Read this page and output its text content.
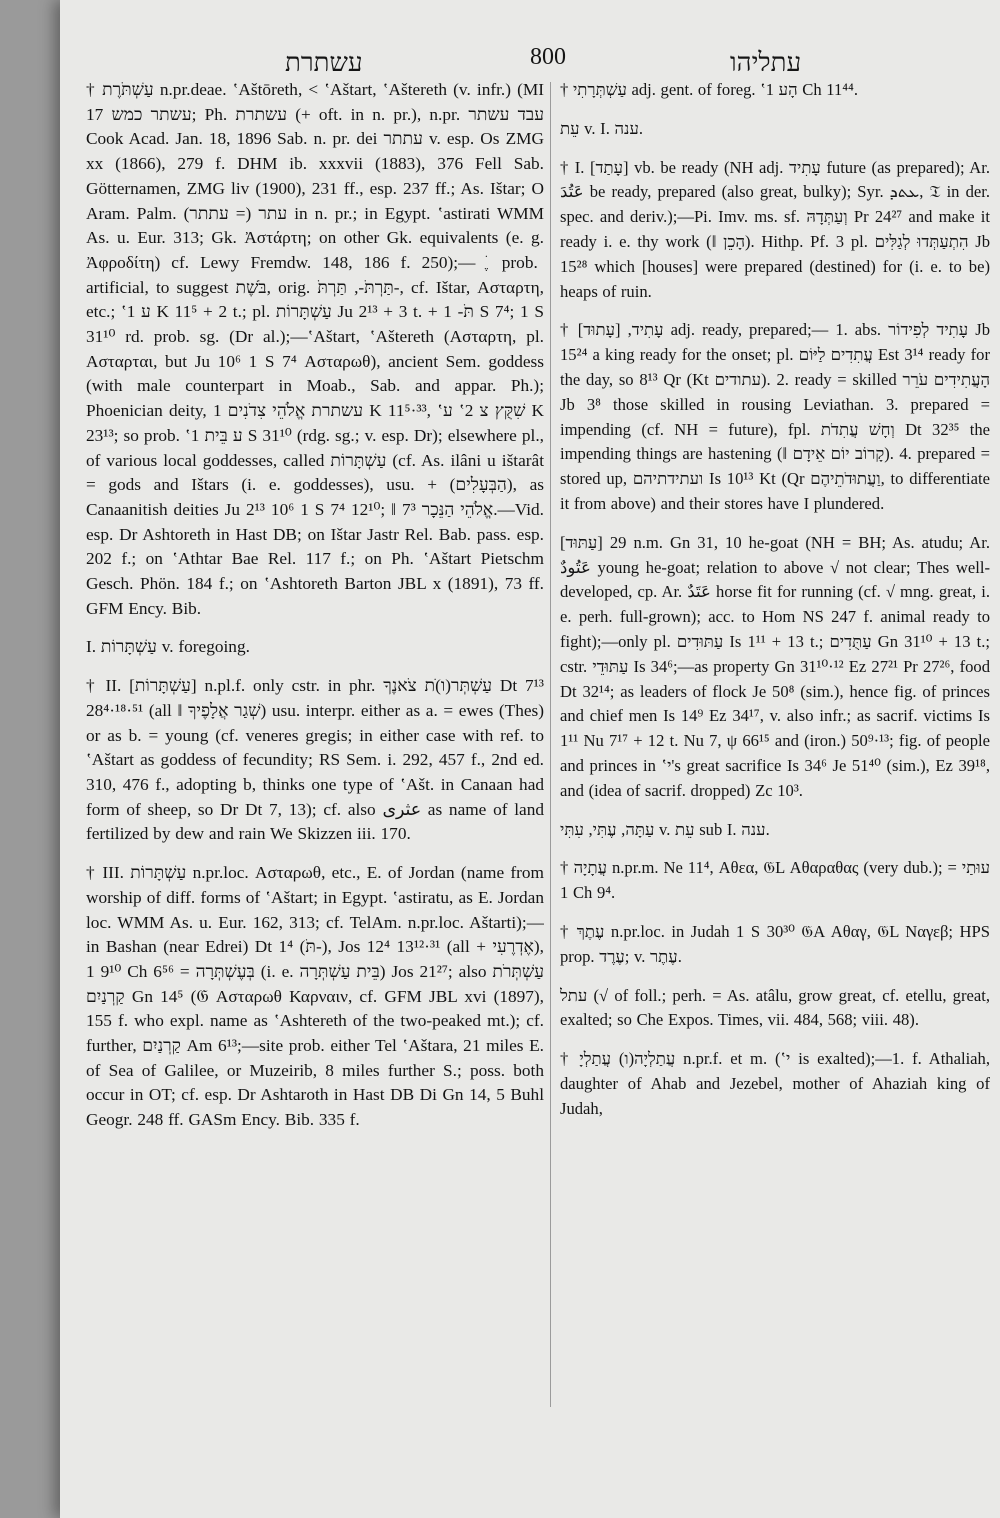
עשתרת	800	עתליהו

† עַשְׁתֹּרֶת n.pr.deae. ʽAštōreth, < ʽAštart, ʽAštereth (v. infr.) (MI 17 עשתר כמש; Ph. עשתרת (+ oft. in n. pr.), n.pr. עבד עשתר Cook Acad. Jan. 18, 1896 Sab. n. pr. dei עתתר v. esp. Os ZMG xx (1866), 279 f. DHM ib. xxxvii (1883), 376 Fell Sab. Götternamen, ZMG liv (1900), 231 ff., esp. 237 ff.; As. Ištar; O Aram. Palm. עתר (= עתתר) in n. pr.; in Egypt. ʽastirati WMM As. u. Eur. 313; Gk. Ἀστάρτη; on other Gk. equivalents (e. g. Ἀφροδίτη) cf. Lewy Fremdw. 148, 186 f. 250);— ֹ ֶ prob. artificial, to suggest בֹּשֶׁת, orig. תַּרְתֹּ-, תַּרְתֹּ-, cf. Ištar, Ασταρτη, etc.; ʽע 1 K 11⁵ + 2 t.; pl. עַשְׁתָּרוֹת Ju 2¹³ + 3 t. + תֹּ- 1 S 7⁴; 1 S 31¹⁰ rd. prob. sg. (Dr al.);—ʽAštart, ʽAštereth (Ασταρτη, pl. Ασταρται, but Ju 10⁶ 1 S 7⁴ Ασταρωθ), ancient Sem. goddess (with male counterpart in Moab., Sab. and appar. Ph.); Phoenician deity, עשתרת אֱלֹהֵי צִדֹנִים 1 K 11⁵·³³, ʽע ʽשִׁקֻּץ צ 2 K 23¹³; so prob. ʽע בֵּית 1 S 31¹⁰ (rdg. sg.; v. esp. Dr); elsewhere pl., of various local goddesses, called עַשְׁתָּרוֹת (cf. As. ilâni u ištarât = gods and Ištars (i. e. goddesses), usu. + (הַבְּעָלִים), as Canaanitish deities Ju 2¹³ 10⁶ 1 S 7⁴ 12¹⁰; ‖ אֱלֹהֵי הַנֵּכָר 7³.—Vid. esp. Dr Ashtoreth in Hast DB; on Ištar Jastr Rel. Bab. pass. esp. 202 f.; on ʽAthtar Bae Rel. 117 f.; on Ph. ʽAštart Pietschm Gesch. Phön. 184 f.; on ʽAshtoreth Barton JBL x (1891), 73 ff. GFM Ency. Bib.

I. עַשְׁתָּרוֹת v. foregoing.

† II. [עַשְׁתָּרוֹת] n.pl.f. only cstr. in phr. עַשְׁתְּר(ו)ֹת צֹאנֶךָ Dt 7¹³ 28⁴·¹⁸·⁵¹ (all ‖ שְׁגַר אֲלָפֶיךָ) usu. interpr. either as a. = ewes (Thes) or as b. = young (cf. veneres gregis; in either case with ref. to ʽAštart as goddess of fecundity; RS Sem. i. 292, 457 f., 2nd ed. 310, 476 f., adopting b, thinks one type of ʽAšt. in Canaan had form of sheep, so Dr Dt 7, 13); cf. also عثرى as name of land fertilized by dew and rain We Skizzen iii. 170.

† III. עַשְׁתָּרוֹת n.pr.loc. Ασταρωθ, etc., E. of Jordan (name from worship of diff. forms of ʽAštart; in Egypt. ʽastiratu, as E. Jordan loc. WMM As. u. Eur. 162, 313; cf. TelAm. n.pr.loc. Aštarti);—in Bashan (near Edrei) Dt 1⁴ (תֹּ-), Jos 12⁴ 13¹²·³¹ (all + אֶדְרֶעִי), 9¹⁰ 1 Ch 6⁵⁶ = בְּעֶשְׁתְּרָה (i. e. בֵּית עַשְׁתְּרָה) Jos 21²⁷; also עַשְׁתְּרֹת קַרְנַיִם Gn 14⁵ (𝔊 Ασταρωθ Καρναιν, cf. GFM JBL xvi (1897), 155 f. who expl. name as ʽAshtereth of the two-peaked mt.); cf. further, קַרְנַיִם Am 6¹³;—site prob. either Tel ʽAštara, 21 miles E. of Sea of Galilee, or Muzeirib, 8 miles further S.; poss. both occur in OT; cf. esp. Dr Ashtaroth in Hast DB Di Gn 14, 5 Buhl Geogr. 248 ff. GASm Ency. Bib. 335 f.

† עַשְׁתְּרָתִי adj. gent. of foreg. ʽהָע 1 Ch 11⁴⁴.

עֵת v. I. ענה.

† I. [עָתַד] vb. be ready (NH adj. עָתִיד future (as prepared); Ar. عَتُدَ be ready, prepared (also great, bulky); Syr. ܥܬܕ, 𝔗 in der. spec. and deriv.);—Pi. Imv. ms. sf. וְעַתְּדָהּ Pr 24²⁷ and make it ready i. e. thy work (‖ הָכֵן). Hithp. Pf. 3 pl. הִתְעַתְּדוּ לְגַלִּים Jb 15²⁸ which [houses] were prepared (destined) for (i. e. to be) heaps of ruin.

† עָתִיד, [עָתוּד] adj. ready, prepared;— 1. abs. עָתִיד לְפִידוֹר Jb 15²⁴ a king ready for the onset; pl. עֲתִדִים לַיּוֹם Est 3¹⁴ ready for the day, so 8¹³ Qr (Kt עתודים). 2. ready = skilled הָעֲתִידִים עֹרֵר Jb 3⁸ those skilled in rousing Leviathan. 3. prepared = impending (cf. NH = future), fpl. וְחָשׁ עֲתִדֹת Dt 32³⁵ the impending things are hastening (‖ קָרוֹב יוֹם אֵידָם). 4. prepared = stored up, ועתידתיהם Is 10¹³ Kt (Qr וַעֲתוּדֹתֵיהֶם, to differentiate it from above) and their stores have I plundered.

[עַתּוּד] 29 n.m. Gn 31, 10 he-goat (NH = BH; As. atudu; Ar. عَتُودٌ young he-goat; relation to above √ not clear; Thes well-developed, cp. Ar. عَتَدٌ horse fit for running (cf. √ mng. great, i. e. perh. full-grown); acc. to Hom NS 247 f. animal ready to fight);—only pl. עַתּוּדִים Is 1¹¹ + 13 t.; עַתֻּדִים Gn 31¹⁰ + 13 t.; cstr. עַתּוּדֵי Is 34⁶;—as property Gn 31¹⁰·¹² Ez 27²¹ Pr 27²⁶, food Dt 32¹⁴; as leaders of flock Je 50⁸ (sim.), hence fig. of princes and chief men Is 14⁹ Ez 34¹⁷, v. also infr.; as sacrif. victims Is 1¹¹ Nu 7¹⁷ + 12 t. Nu 7, ψ 66¹⁵ and (iron.) 50⁹·¹³; fig. of people and princes in ʽי's great sacrifice Is 34⁶ Je 51⁴⁰ (sim.), Ez 39¹⁸, and (idea of sacrif. dropped) Zc 10³.

עַתָּה, עֶתִּי, עִתִּי v. עֵת sub I. ענה.

† עֲתָיָה n.pr.m. Ne 11⁴, Αθεα, 𝔊L Αθαραθας (very dub.); = עוּתַי 1 Ch 9⁴.

† עֶתֶךְ n.pr.loc. in Judah 1 S 30³⁰ 𝔊A Αθαγ, 𝔊L Ναγεβ; HPS prop. עֶרֶד; v. עֶתֶר.

עתל (√ of foll.; perh. = As. atâlu, grow great, cf. etellu, great, exalted; so Che Expos. Times, vii. 484, 568; viii. 48).

† עֲתַלְיָה(ו) עֲתַלְיָ n.pr.f. et m. (ʽי is exalted);—1. f. Athaliah, daughter of Ahab and Jezebel, mother of Ahaziah king of Judah,
